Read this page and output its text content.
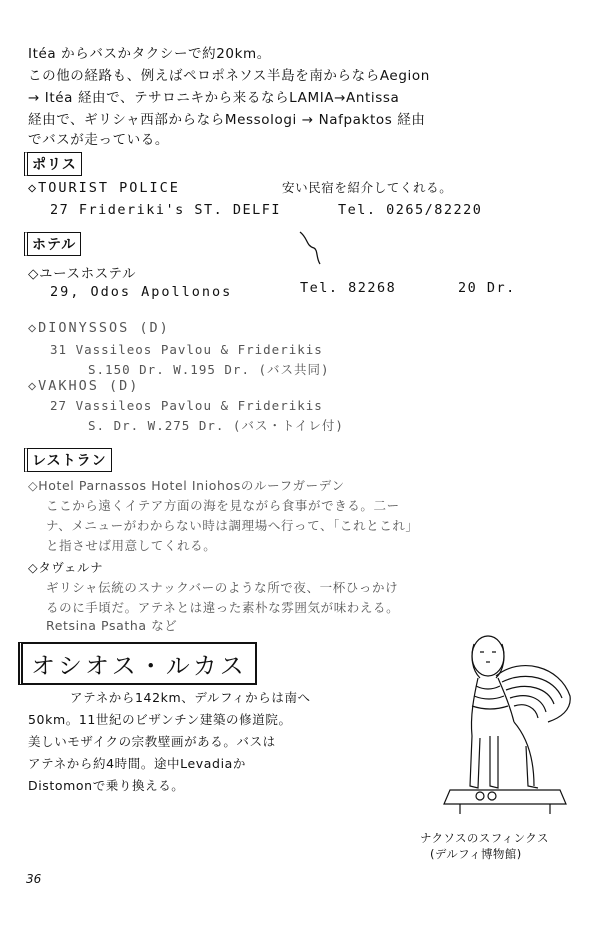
Itéa からバスかタクシーで約20km。
この他の経路も、例えばペロポネソス半島を南からならAegion
→ Itéa 経由で、テサロニキから来るならLAMIA→Antissa
経由で、ギリシャ西部からならMessologi → Nafpaktos 経由
でバスが走っている。
ポリス
◇TOURIST POLICE	安い民宿を紹介してくれる。
27 Frideriki's ST. DELFI	Tel. 0265/82220
ホテル
◇ユースホステル
29, Odos Apollonos	Tel. 82268	20 Dr.
◇DIONYSSOS (D)
31 Vassileos Pavlou & Friderikis
S.150 Dr. W.195 Dr. (バス共同)
◇VAKHOS (D)
27 Vassileos Pavlou & Friderikis
S. Dr. W.275 Dr. (バス・トイレ付)
レストラン
◇Hotel Parnassos Hotel Iniohosのルーフガーデン
ここから遠くイテア方面の海を見ながら食事ができる。二ー
ナ、メニューがわからない時は調理場へ行って、「これとこれ」
と指させば用意してくれる。
◇タヴェルナ
ギリシャ伝統のスナックバーのような所で夜、一杯ひっかけ
るのに手頃だ。アテネとは違った素朴な雰囲気が味わえる。
Retsina Psatha など
オシオス・ルカス
アテネから142km、デルフィからは南へ
50km。11世紀のビザンチン建築の修道院。
美しいモザイクの宗教壁画がある。バスは
アテネから約4時間。途中Levadiaか
Distomonで乗り換える。
ナクソスのスフィンクス
(デルフィ博物館)
36
